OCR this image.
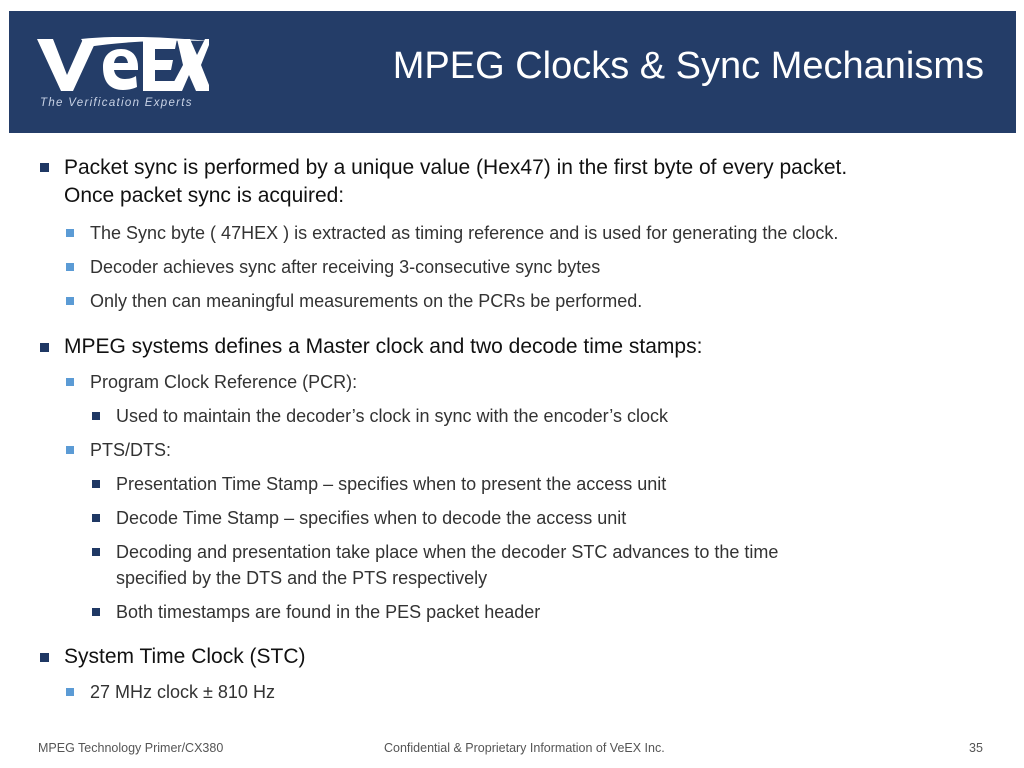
The Verification Experts
MPEG Clocks & Sync Mechanisms
Packet sync is performed by a unique value (Hex47) in the first byte of every packet.
Once packet sync is acquired:
The Sync byte ( 47HEX ) is extracted as timing reference and is used for generating the clock.
Decoder achieves sync after receiving 3-consecutive sync bytes
Only then can meaningful measurements on the PCRs be performed.
MPEG systems defines a Master clock and two decode time stamps:
Program Clock Reference (PCR):
Used to maintain the decoder’s clock in sync with the encoder’s clock
PTS/DTS:
Presentation Time Stamp – specifies when to present the access unit
Decode Time Stamp – specifies when to decode the access unit
Decoding and presentation take place when the decoder STC advances to the time
specified by the DTS and the PTS respectively
Both timestamps are found in the PES packet header
System Time Clock (STC)
27 MHz clock ± 810 Hz
MPEG Technology Primer/CX380	Confidential & Proprietary Information of VeEX Inc.	35
